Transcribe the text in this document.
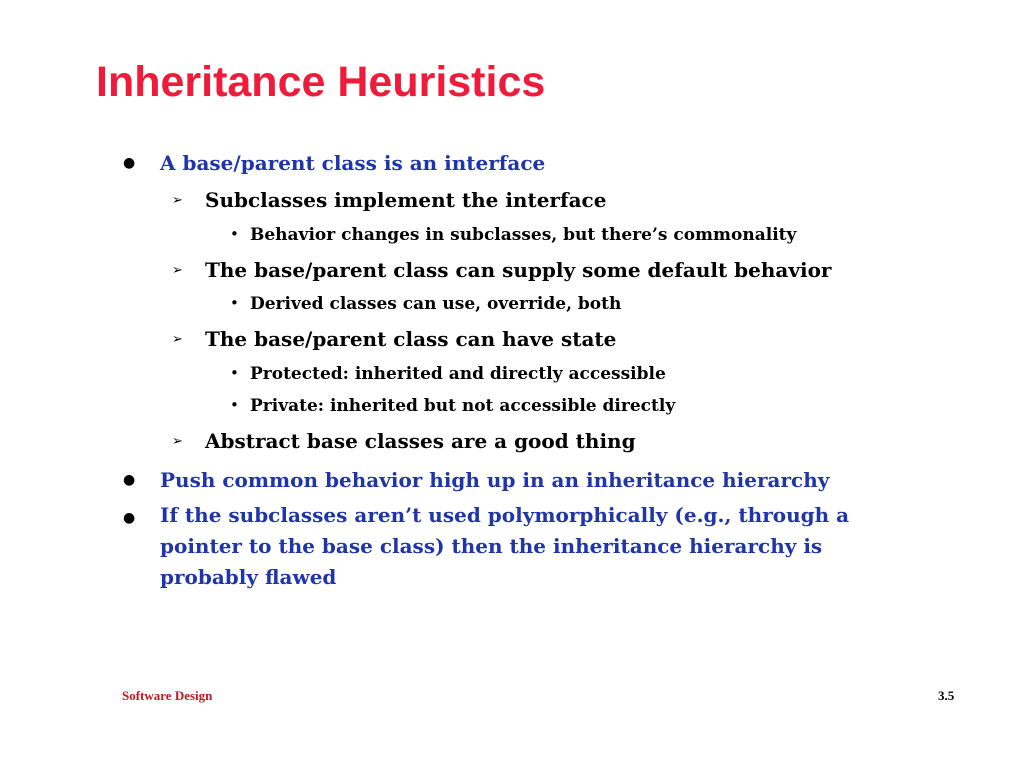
Inheritance Heuristics
● A base/parent class is an interface
➢ Subclasses implement the interface
• Behavior changes in subclasses, but there’s commonality
➢ The base/parent class can supply some default behavior
• Derived classes can use, override, both
➢ The base/parent class can have state
• Protected: inherited and directly accessible
• Private: inherited but not accessible directly
➢ Abstract base classes are a good thing
● Push common behavior high up in an inheritance hierarchy
● If the subclasses aren’t used polymorphically (e.g., through a
pointer to the base class) then the inheritance hierarchy is
probably flawed
Software Design	3.5
